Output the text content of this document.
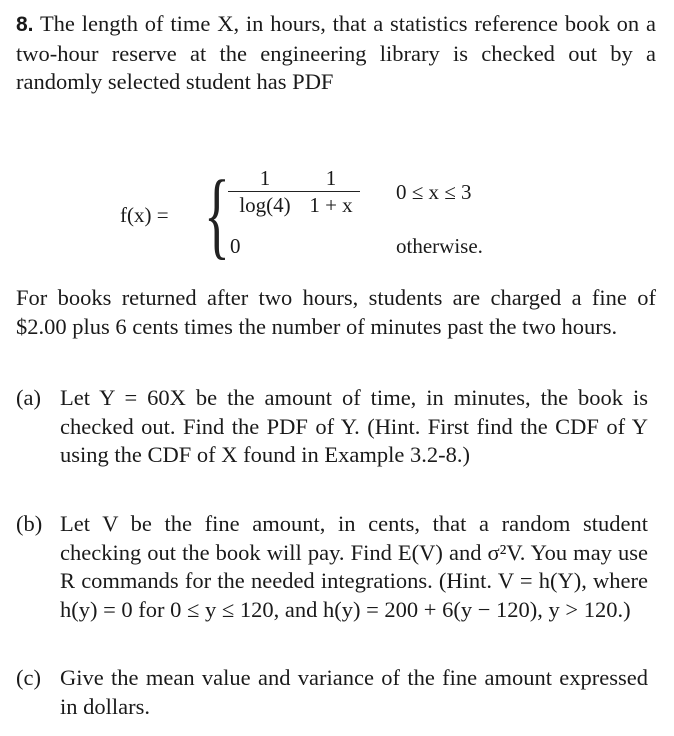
8. The length of time X, in hours, that a statistics reference book on a two-hour reserve at the engineering library is checked out by a randomly selected student has PDF
f(x) = {
$\frac{1}{\log(4)} \frac{1}{1 + x} 0 \le x \le 3$
0	otherwise.
For books returned after two hours, students are charged a fine of $2.00 plus 6 cents times the number of minutes past the two hours.
(a) Let Y = 60X be the amount of time, in minutes, the book is checked out. Find the PDF of Y. (Hint. First find the CDF of Y using the CDF of X found in Example 3.2-8.)
(b) Let V be the fine amount, in cents, that a random student checking out the book will pay. Find E(V) and σ²V. You may use R commands for the needed integrations. (Hint. V = h(Y), where h(y) = 0 for 0 ≤ y ≤ 120, and h(y) = 200 + 6(y − 120), y > 120.)
(c) Give the mean value and variance of the fine amount expressed in dollars.
